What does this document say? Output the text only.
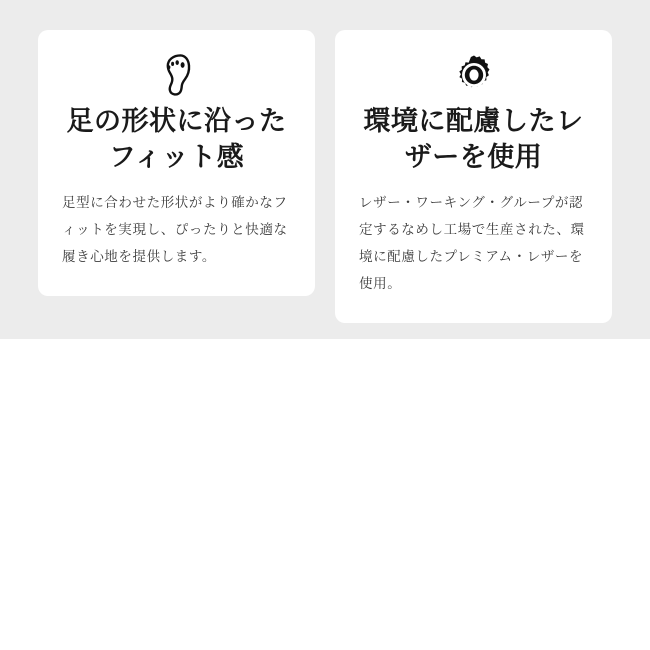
足の形状に沿ったフィット感

足型に合わせた形状がより確かなフィットを実現し、ぴったりと快適な履き心地を提供します。

環境に配慮したレザーを使用

レザー・ワーキング・グループが認定するなめし工場で生産された、環境に配慮したプレミアム・レザーを使用。
